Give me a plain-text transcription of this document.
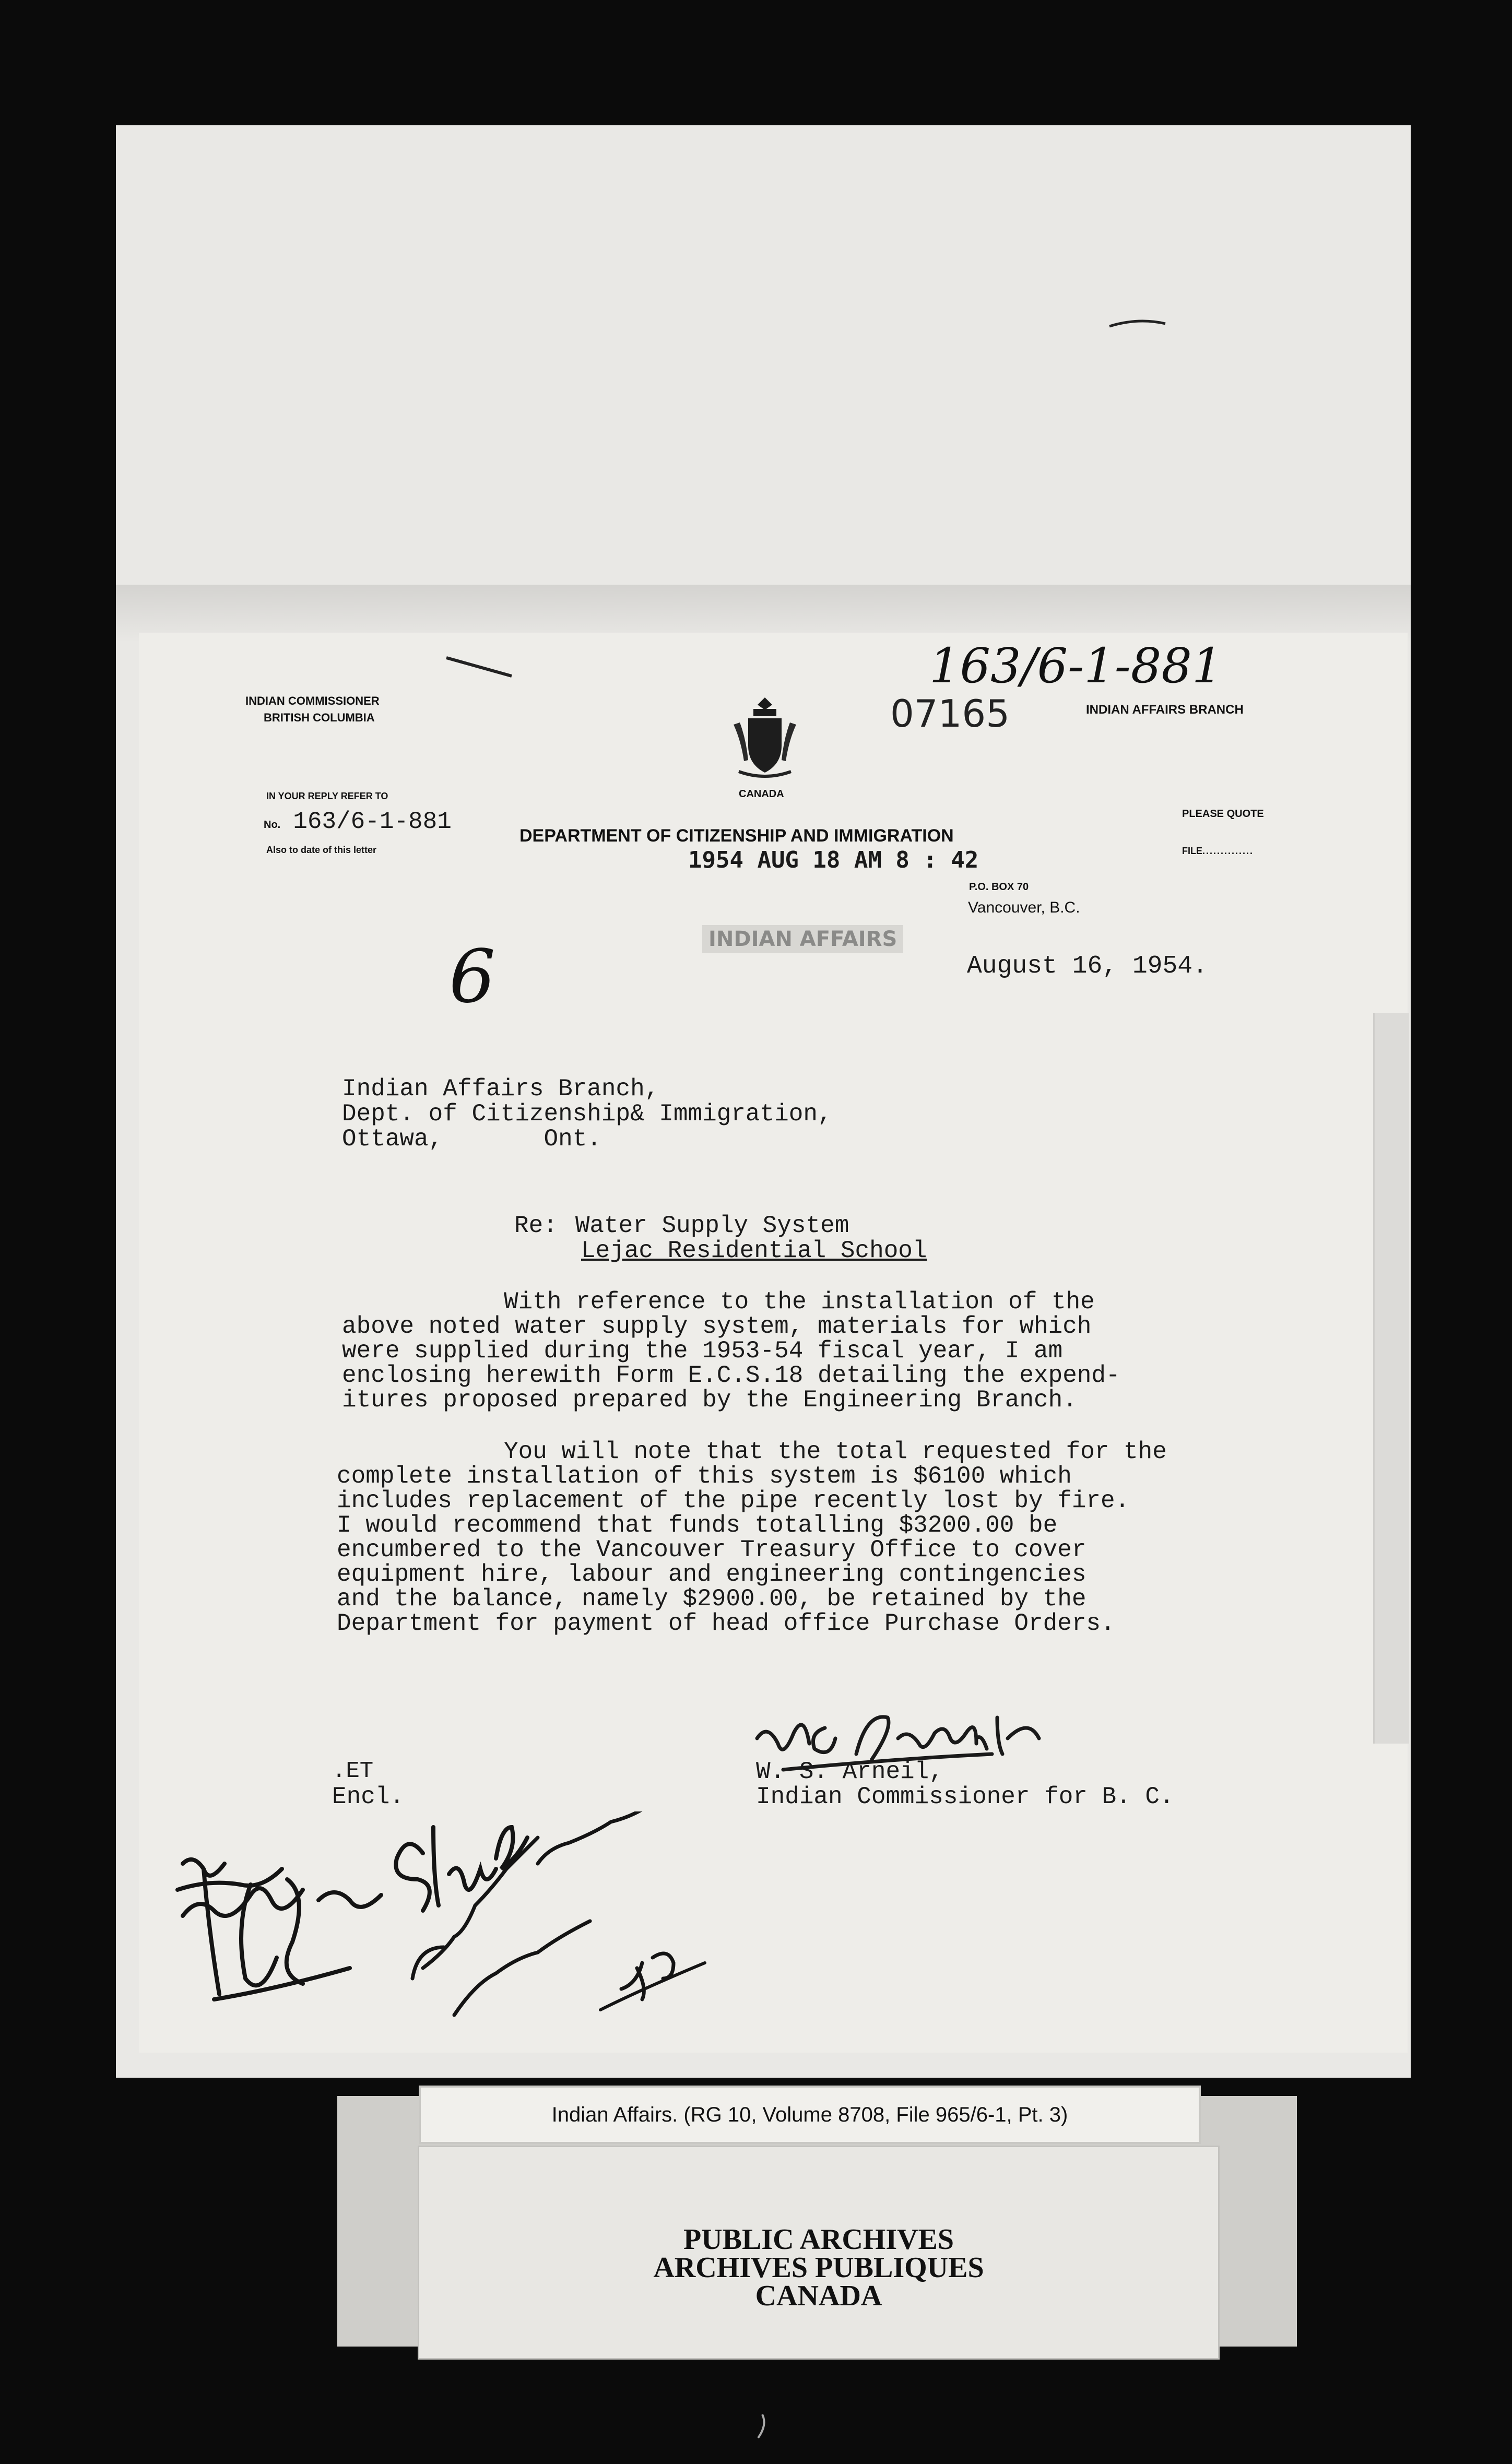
INDIAN COMMISSIONER
BRITISH COLUMBIA
IN YOUR REPLY REFER TO
No. 163/6-1-881
Also to date of this letter
CANADA
DEPARTMENT OF CITIZENSHIP AND IMMIGRATION
INDIAN AFFAIRS BRANCH
PLEASE QUOTE
FILE..............
P.O. BOX 70
Vancouver, B.C.
163/6-1-881
07165
1954 AUG 18 AM 8 : 42
INDIAN AFFAIRS
August 16, 1954.
6
Indian Affairs Branch,
Dept. of Citizenship& Immigration,
Ottawa,       Ont.
Re: Water Supply System
Lejac Residential School
With reference to the installation of the
above noted water supply system, materials for which
were supplied during the 1953-54 fiscal year, I am
enclosing herewith Form E.C.S.18 detailing the expend-
itures proposed prepared by the Engineering Branch.
You will note that the total requested for the
complete installation of this system is $6100 which
includes replacement of the pipe recently lost by fire.
I would recommend that funds totalling $3200.00 be
encumbered to the Vancouver Treasury Office to cover
equipment hire, labour and engineering contingencies
and the balance, namely $2900.00, be retained by the
Department for payment of head office Purchase Orders.
.ET
Encl.
W. S. Arneil,
Indian Commissioner for B. C.
Indian Affairs. (RG 10, Volume 8708, File 965/6-1, Pt. 3)
PUBLIC ARCHIVES
ARCHIVES PUBLIQUES
CANADA
